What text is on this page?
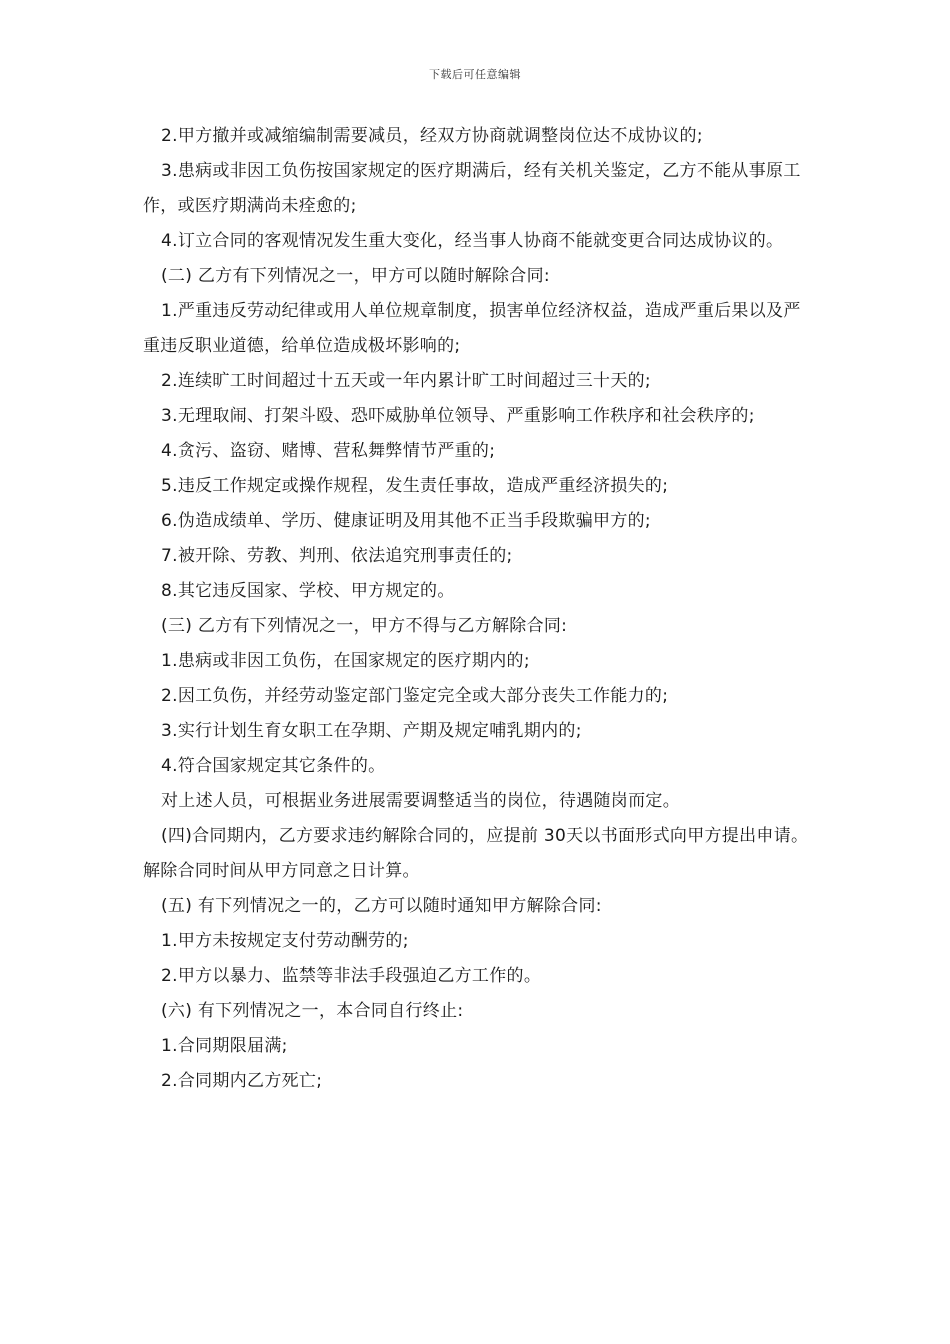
下载后可任意编辑

2.甲方撤并或减缩编制需要减员，经双方协商就调整岗位达不成协议的;

3.患病或非因工负伤按国家规定的医疗期满后，经有关机关鉴定，乙方不能从事原工作，或医疗期满尚未痊愈的;

4.订立合同的客观情况发生重大变化，经当事人协商不能就变更合同达成协议的。

(二) 乙方有下列情况之一，甲方可以随时解除合同:

1.严重违反劳动纪律或用人单位规章制度，损害单位经济权益，造成严重后果以及严重违反职业道德，给单位造成极坏影响的;

2.连续旷工时间超过十五天或一年内累计旷工时间超过三十天的;

3.无理取闹、打架斗殴、恐吓威胁单位领导、严重影响工作秩序和社会秩序的;

4.贪污、盗窃、赌博、营私舞弊情节严重的;

5.违反工作规定或操作规程，发生责任事故，造成严重经济损失的;

6.伪造成绩单、学历、健康证明及用其他不正当手段欺骗甲方的;

7.被开除、劳教、判刑、依法追究刑事责任的;

8.其它违反国家、学校、甲方规定的。

(三) 乙方有下列情况之一，甲方不得与乙方解除合同:

1.患病或非因工负伤，在国家规定的医疗期内的;

2.因工负伤，并经劳动鉴定部门鉴定完全或大部分丧失工作能力的;

3.实行计划生育女职工在孕期、产期及规定哺乳期内的;

4.符合国家规定其它条件的。

对上述人员，可根据业务进展需要调整适当的岗位，待遇随岗而定。

(四)合同期内，乙方要求违约解除合同的，应提前 30天以书面形式向甲方提出申请。解除合同时间从甲方同意之日计算。

(五) 有下列情况之一的，乙方可以随时通知甲方解除合同:

1.甲方未按规定支付劳动酬劳的;

2.甲方以暴力、监禁等非法手段强迫乙方工作的。

(六) 有下列情况之一，本合同自行终止:

1.合同期限届满;

2.合同期内乙方死亡;
